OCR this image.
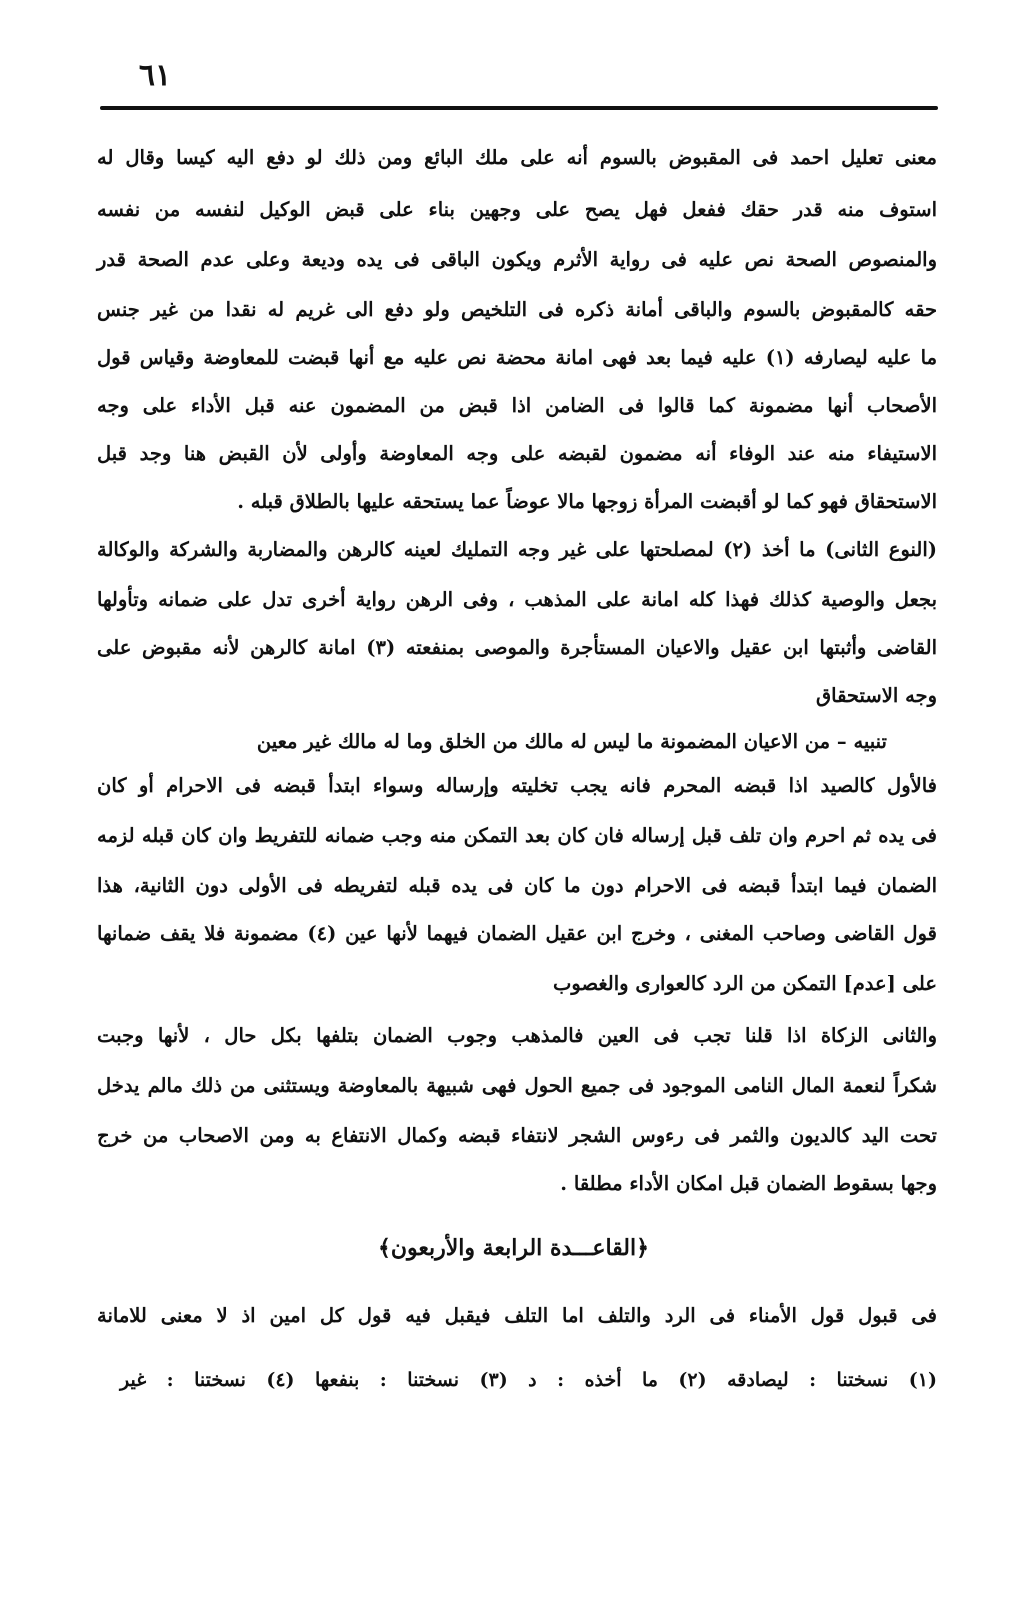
٦١
معنى تعليل احمد فى المقبوض بالسوم أنه على ملك البائع ومن ذلك لو دفع اليه كيسا وقال له
استوف منه قدر حقك ففعل فهل يصح على وجهين بناء على قبض الوكيل لنفسه من نفسه
والمنصوص الصحة نص عليه فى رواية الأثرم ويكون الباقى فى يده وديعة وعلى عدم الصحة قدر
حقه كالمقبوض بالسوم والباقى أمانة ذكره فى التلخيص ولو دفع الى غريم له نقدا من غير جنس
ما عليه ليصارفه (١) عليه فيما بعد فهى امانة محضة نص عليه مع أنها قبضت للمعاوضة وقياس قول
الأصحاب أنها مضمونة كما قالوا فى الضامن اذا قبض من المضمون عنه قبل الأداء على وجه
الاستيفاء منه عند الوفاء أنه مضمون لقبضه على وجه المعاوضة وأولى لأن القبض هنا وجد قبل
الاستحقاق فهو كما لو أقبضت المرأة زوجها مالا عوضاً عما يستحقه عليها بالطلاق قبله .
(النوع الثانى) ما أخذ (٢) لمصلحتها على غير وجه التمليك لعينه كالرهن والمضاربة والشركة والوكالة
بجعل والوصية كذلك فهذا كله امانة على المذهب ، وفى الرهن رواية أخرى تدل على ضمانه وتأولها
القاضى وأثبتها ابن عقيل والاعيان المستأجرة والموصى بمنفعته (٣) امانة كالرهن لأنه مقبوض على
وجه الاستحقاق
تنبيه – من الاعيان المضمونة ما ليس له مالك من الخلق وما له مالك غير معين
فالأول كالصيد اذا قبضه المحرم فانه يجب تخليته وإرساله وسواء ابتدأ قبضه فى الاحرام أو كان
فى يده ثم احرم وان تلف قبل إرساله فان كان بعد التمكن منه وجب ضمانه للتفريط وان كان قبله لزمه
الضمان فيما ابتدأ قبضه فى الاحرام دون ما كان فى يده قبله لتفريطه فى الأولى دون الثانية، هذا
قول القاضى وصاحب المغنى ، وخرج ابن عقيل الضمان فيهما لأنها عين (٤) مضمونة فلا يقف ضمانها
على [عدم] التمكن من الرد كالعوارى والغصوب
والثانى الزكاة اذا قلنا تجب فى العين فالمذهب وجوب الضمان بتلفها بكل حال ، لأنها وجبت
شكراً لنعمة المال النامى الموجود فى جميع الحول فهى شبيهة بالمعاوضة ويستثنى من ذلك مالم يدخل
تحت اليد كالديون والثمر فى رءوس الشجر لانتفاء قبضه وكمال الانتفاع به ومن الاصحاب من خرج
وجها بسقوط الضمان قبل امكان الأداء مطلقا .
﴿القاعـــدة الرابعة والأربعون﴾
فى قبول قول الأمناء فى الرد والتلف اما التلف فيقبل فيه قول كل امين اذ لا معنى للامانة
(١) نسختنا : ليصادقه (٢) ما أخذه : د (٣) نسختنا : بنفعها (٤) نسختنا : غير
